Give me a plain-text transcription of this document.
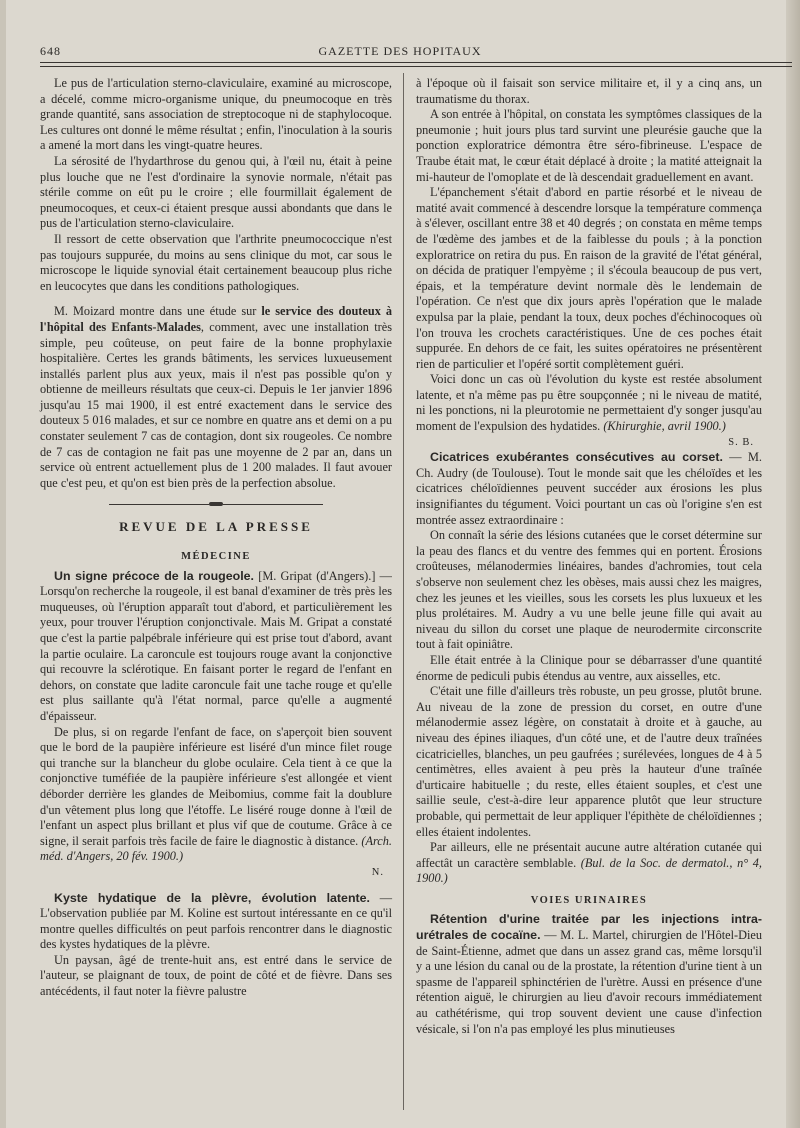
648	GAZETTE DES HOPITAUX

Le pus de l'articulation sterno-claviculaire, examiné au microscope, a décelé, comme micro-organisme unique, du pneumocoque en très grande quantité, sans association de streptocoque ni de staphylocoque. Les cultures ont donné le même résultat ; enfin, l'inoculation à la souris a amené la mort dans les vingt-quatre heures.

La sérosité de l'hydarthrose du genou qui, à l'œil nu, était à peine plus louche que ne l'est d'ordinaire la synovie normale, n'était pas stérile comme on eût pu le croire ; elle fourmillait également de pneumocoques, et ceux-ci étaient presque aussi abondants que dans le pus de l'articulation sterno-claviculaire.

Il ressort de cette observation que l'arthrite pneumococcique n'est pas toujours suppurée, du moins au sens clinique du mot, car sous le microscope le liquide synovial était certainement beaucoup plus riche en leucocytes que dans les conditions pathologiques.

M. Moizard montre dans une étude sur le service des douteux à l'hôpital des Enfants-Malades, comment, avec une installation très simple, peu coûteuse, on peut faire de la bonne prophylaxie hospitalière. Certes les grands bâtiments, les services luxueusement installés parlent plus aux yeux, mais il n'est pas possible qu'on y obtienne de meilleurs résultats que ceux-ci. Depuis le 1er janvier 1896 jusqu'au 15 mai 1900, il est entré exactement dans le service des douteux 5 016 malades, et sur ce nombre en quatre ans et demi on a pu constater seulement 7 cas de contagion, dont six rougeoles. Ce nombre de 7 cas de contagion ne fait pas une moyenne de 2 par an, dans un service où entrent actuellement plus de 1 200 malades. Il faut avouer que c'est peu, et qu'on est bien près de la perfection absolue.

REVUE DE LA PRESSE
MÉDECINE

Un signe précoce de la rougeole. [M. Gripat (d'Angers).] — Lorsqu'on recherche la rougeole, il est banal d'examiner de très près les muqueuses, où l'éruption apparaît tout d'abord, et particulièrement les yeux, pour trouver l'éruption conjonctivale. Mais M. Gripat a constaté que c'est la partie palpébrale inférieure qui est prise tout d'abord, avant la partie oculaire. La caroncule est toujours rouge avant la conjonctive qui recouvre la sclérotique. En faisant porter le regard de l'enfant en dehors, on constate que ladite caroncule fait une tache rouge et qu'elle est plus saillante qu'à l'état normal, parce qu'elle a augmenté d'épaisseur.

De plus, si on regarde l'enfant de face, on s'aperçoit bien souvent que le bord de la paupière inférieure est liséré d'un mince filet rouge qui tranche sur la blancheur du globe oculaire. Cela tient à ce que la conjonctive tuméfiée de la paupière inférieure s'est allongée et vient déborder derrière les glandes de Meibomius, comme fait la doublure d'un vêtement plus long que l'étoffe. Le liséré rouge donne à l'œil de l'enfant un aspect plus brillant et plus vif que de coutume. Grâce à ce signe, il serait parfois très facile de faire le diagnostic à distance. (Arch. méd. d'Angers, 20 fév. 1900.)

N.

Kyste hydatique de la plèvre, évolution latente. — L'observation publiée par M. Koline est surtout intéressante en ce qu'il montre quelles difficultés on peut parfois rencontrer dans le diagnostic des kystes hydatiques de la plèvre.

Un paysan, âgé de trente-huit ans, est entré dans le service de l'auteur, se plaignant de toux, de point de côté et de fièvre. Dans ses antécédents, il faut noter la fièvre palustre

à l'époque où il faisait son service militaire et, il y a cinq ans, un traumatisme du thorax.

A son entrée à l'hôpital, on constata les symptômes classiques de la pneumonie ; huit jours plus tard survint une pleurésie gauche que la ponction exploratrice démontra être séro-fibrineuse. L'espace de Traube était mat, le cœur était déplacé à droite ; la matité atteignait la mi-hauteur de l'omoplate et de là descendait graduellement en avant.

L'épanchement s'était d'abord en partie résorbé et le niveau de matité avait commencé à descendre lorsque la température commença à s'élever, oscillant entre 38 et 40 degrés ; on constata en même temps de l'œdème des jambes et de la faiblesse du pouls ; à la ponction exploratrice on retira du pus. En raison de la gravité de l'état général, on décida de pratiquer l'empyème ; il s'écoula beaucoup de pus vert, épais, et la température devint normale dès le lendemain de l'opération. Ce n'est que dix jours après l'opération que le malade expulsa par la plaie, pendant la toux, deux poches d'échinocoques où l'on trouva les crochets caractéristiques. Une de ces poches était suppurée. En dehors de ce fait, les suites opératoires ne présentèrent rien de particulier et l'opéré sortit complètement guéri.

Voici donc un cas où l'évolution du kyste est restée absolument latente, et n'a même pas pu être soupçonnée ; ni le niveau de matité, ni les ponctions, ni la pleurotomie ne permettaient d'y songer jusqu'au moment de l'expulsion des hydatides. (Khirurghie, avril 1900.)

S. B.

Cicatrices exubérantes consécutives au corset. — M. Ch. Audry (de Toulouse). Tout le monde sait que les chéloïdes et les cicatrices chéloïdiennes peuvent succéder aux érosions les plus insignifiantes du tégument. Voici pourtant un cas où l'origine s'en est montrée assez extraordinaire :

On connaît la série des lésions cutanées que le corset détermine sur la peau des flancs et du ventre des femmes qui en portent. Érosions croûteuses, mélanodermies linéaires, bandes d'achromies, tout cela s'observe non seulement chez les obèses, mais aussi chez les maigres, chez les jeunes et les vieilles, sous les corsets les plus luxueux et les plus prolétaires. M. Audry a vu une belle jeune fille qui avait au niveau du sillon du corset une plaque de neurodermite circonscrite tout à fait opiniâtre.

Elle était entrée à la Clinique pour se débarrasser d'une quantité énorme de pediculi pubis étendus au ventre, aux aisselles, etc.

C'était une fille d'ailleurs très robuste, un peu grosse, plutôt brune. Au niveau de la zone de pression du corset, en outre d'une mélanodermie assez légère, on constatait à droite et à gauche, au niveau des épines iliaques, d'un côté une, et de l'autre deux traînées cicatricielles, blanches, un peu gaufrées ; surélevées, longues de 4 à 5 centimètres, elles avaient à peu près la hauteur d'une traînée d'urticaire habituelle ; du reste, elles étaient souples, et c'est une saillie seule, c'est-à-dire leur apparence plutôt que leur structure probable, qui permettait de leur appliquer l'épithète de chéloïdiennes ; elles étaient indolentes.

Par ailleurs, elle ne présentait aucune autre altération cutanée qui affectât un caractère semblable. (Bul. de la Soc. de dermatol., n° 4, 1900.)

VOIES URINAIRES

Rétention d'urine traitée par les injections intra-urétrales de cocaïne. — M. L. Martel, chirurgien de l'Hôtel-Dieu de Saint-Étienne, admet que dans un assez grand cas, même lorsqu'il y a une lésion du canal ou de la prostate, la rétention d'urine tient à un spasme de l'appareil sphinctérien de l'urètre. Aussi en présence d'une rétention aiguë, le chirurgien au lieu d'avoir recours immédiatement au cathétérisme, qui trop souvent devient une cause d'infection vésicale, si l'on n'a pas employé les plus minutieuses
